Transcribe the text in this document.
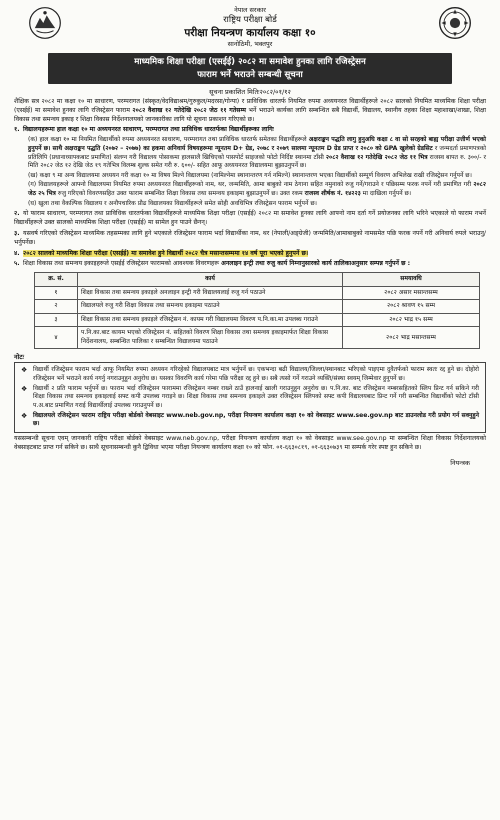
नेपाल सरकार
राष्ट्रिय परीक्षा बोर्ड
परीक्षा नियन्त्रण कार्यालय कक्षा १०
सानोठिमी, भक्तपुर
माध्यमिक शिक्षा परीक्षा (एसईई) २०८२ मा समावेश हुनका लागि रजिस्ट्रेसन
फाराम भर्ने भराउने सम्बन्धी सूचना
सूचना प्रकाशित मितिः२०८२/०१/१२

शैक्षिक सत्र २०८२ मा कक्षा १० मा साधारण, परम्परागत (संस्कृत/वेदविद्याश्रम/गुरुकुल/मदरसा/गोन्पा) र प्राविधिक धारतर्फ नियमित रुपमा अध्ययनरत विद्यार्थीहरूले २०८२ सालको नियमित माध्यमिक शिक्षा परीक्षा (एसईई) मा समावेश हुनका लागि रजिस्ट्रेसन फाराम २०८२ वैशाख १२ गतेदेखि २०८२ जेठ ११ गतेसम्म भर्ने भराउने कार्यका लागि सम्बन्धित सबै विद्यार्थी, विद्यालय, स्थानीय तहका शिक्षा महाशाखा/शाखा, शिक्षा विकास तथा समन्वय इकाइ र शिक्षा विकास निर्देशनालयको जानकारीका लागि यो सूचना प्रकाशन गरिएको छ।

१. विद्यालयहरूमा हाल कक्षा १० मा अध्ययनरत साधारण, परम्परागत तथा प्राविधिक धारतर्फका विद्यार्थीहरूका लागिः

(क) हाल कक्षा १० मा नियमित विद्यार्थीको रुपमा अध्ययनरत साधारण, परम्परागत तथा प्राविधिक धारतर्फ समेतका विद्यार्थीहरूले अक्षराङ्कन पद्धति लागु हुनुअघि कक्षा ८ वा सो सरहको बाह्य परीक्षा उत्तीर्ण भएको हुनुपर्ने छ। साथै अक्षराङ्कन पद्धति (२०७२ – २०७७) का हकमा अनिवार्य विषयहरूमा न्यूनतम D+ ग्रेड, २०७८ र २०७९ सालमा न्यूनतम D ग्रेड प्राप्त र २०८० को GPA खुलेको ग्रेडसिट र जन्मदर्ता प्रमाणपत्रको प्रतिलिपि (प्रधानाध्यापकबाट प्रमाणित) संलग्न गरी विद्यालय पोसाकमा हालसालै खिचिएको पासपोर्ट साइजको फोटो निर्दिष्ट स्थानमा टाँसी २०८२ वैशाख १२ गतेदेखि २०८२ जेठ ११ भित्र राजस्व बापत रु. ३००/- र मिति २०८२ जेठ १२ देखि जेठ १९ गतेभित्र विलम्ब शुल्क समेत गरी रु. ६००/- सहित आफू अध्ययनरत विद्यालयमा बुझाउनुपर्ने छ।

(ख) कक्षा ९ मा अन्य विद्यालयमा अध्ययन गरी कक्षा १० मा विषय मिल्ने विद्यालयमा (नामिल्नेमा स्थानान्तरण गर्न नमिल्ने) स्थानान्तरण भएका विद्यार्थीको सम्पूर्ण विवरण अभिलेख राखी रजिस्ट्रेसन गर्नुपर्ने छ।

(ग) विद्यालयहरूले आफ्नो विद्यालयमा नियमित रुपमा अध्ययनरत विद्यार्थीहरूको नाम, थर, जन्ममिति, आमा बाबुको नाम ठेगाना सहित नमुनाको रुजु गर्ने/गराउने र पछिसम्म फरक नपर्ने गरी प्रमाणित गरी २०८२ जेठ २५ भित्र रुजु गरिएको विवरणसहित उक्त फाराम सम्बन्धित शिक्षा विकास तथा समन्वय इकाइमा बुझाउनुपर्ने छ। उक्त रकम राजस्व शीर्षक नं. १४२२३ मा दाखिला गर्नुपर्ने छ।

(घ) खुला तथा वैकल्पिक विद्यालय र अनौपचारिक प्रौढ विद्यालयका विद्यार्थीहरूले समेत सोही अवधिभित्र रजिस्ट्रेसन फाराम भर्नुपर्ने छ।

२. यो फाराम साधारण, परम्परागत तथा प्राविधिक धारतर्फका विद्यार्थीहरूले माध्यमिक शिक्षा परीक्षा (एसईई) २०८२ मा समावेश हुनका लागि आफ्नो नाम दर्ता गर्ने प्रयोजनका लागि भरिने भएकाले यो फाराम नभर्ने विद्यार्थीहरूले उक्त सालको माध्यमिक शिक्षा परीक्षा (एसईई) मा सामेल हुन पाउने छैनन्।

३. यसवर्ष गरिएको रजिस्ट्रेसन माध्यमिक तहसम्मका लागि हुने भएकाले रजिस्ट्रेसन फाराम भर्दा विद्यार्थीका नाम, थर (नेपाली/अङ्ग्रेजी) जन्ममिति/आमाबाबुको नामसमेत पछि फरक नपर्ने गरी अनिवार्य रुपले भराउनु/भर्नुपर्नेछ।

४. २०८२ सालको माध्यमिक शिक्षा परीक्षा (एसईई) मा समावेश हुने विद्यार्थी २०८२ चैत्र मसान्तसम्ममा १४ वर्ष पूरा भएको हुनुपर्ने छ।

५. शिक्षा विकास तथा समन्वय इकाइहरूले एसईई रजिस्ट्रेसन फारामको आवश्यक विवरणहरू अनलाइन इन्ट्री तथा रुजु कार्य निम्नानुसारको कार्य तालिकाअनुसार सम्पन्न गर्नुपर्ने छ :

क्र. सं.	कार्य	समयावधि
१	शिक्षा विकास तथा समन्वय इकाइले अनलाइन इन्ट्री गरी विद्यालयलाई रुजु गर्न पठाउने	२०८२ असार मसान्तसम्म
२	विद्यालयले रुजु गरी शिक्षा विकास तथा समन्वय इकाइमा पठाउने	२०८२ श्रावण १५ सम्म
३	शिक्षा विकास तथा समन्वय इकाइले रजिस्ट्रेसन नं. कायम गरी विद्यालयमा विवरण प.नि.का.मा उपलब्ध गराउने	२०८२ भाद्र १५ सम्म
४	प.नि.का.बाट कायम भएको रजिस्ट्रेसन नं. सहितको विवरण शिक्षा विकास तथा समन्वय इकाइमार्फत शिक्षा विकास निर्देशनालय, सम्बन्धित पालिका र सम्बन्धित विद्यालयमा पठाउने	२०८२ भाद्र मसान्तसम्म
नोटः
❖ विद्यार्थी रजिस्ट्रेसन फाराम भर्दा आफू नियमित रुपमा अध्ययन गरिरहेको विद्यालयबाट मात्र भर्नुपर्ने छ। एकभन्दा बढी विद्यालय/जिल्ला/स्थानबाट भरिएको पाइएमा दुवैतर्फको फाराम स्वतः रद्द हुने छ। दोहोरो रजिस्ट्रेसन भर्ने भराउने कार्य नगर्नु नगराउनुहुन अनुरोध छ। यसका विवरणि कार्य गरेमा पछि परीक्षा रद्द हुने छ। सबै त्यसो गर्ने गराउने व्यक्ति/संस्था स्वयम् जिम्मेवार हुनुपर्ने छ।
❖ विद्यार्थी २ प्रति फाराम भर्नुपर्ने छ। फाराम भर्दा रजिस्ट्रेसन फाराममा रजिस्ट्रेसन नम्बर राख्ने ठाउँ हालनाई खाली गराउनुहुन अनुरोध छ। प.नि.का. बाट रजिस्ट्रेसन नम्बरसहितको स्लिप प्रिन्ट गर्न सकिने गरी शिक्षा विकास तथा समन्वय इकाइलाई सफ्ट कपी उपलब्ध गराइने छ। शिक्षा विकास तथा समन्वय इकाइले उक्त रजिस्ट्रेसन स्लिपको सफ्ट कपी विद्यालयबाट प्रिन्ट गर्ने गरी सम्बन्धित विद्यार्थीको फोटो टाँसी प.अ.बाट प्रमाणित गराई विद्यार्थीलाई उपलब्ध गराउनुपर्ने छ।
❖ विद्यालयले रजिस्ट्रेसन फाराम राष्ट्रिय परीक्षा बोर्डको वेबसाइट www.neb.gov.np, परीक्षा नियन्त्रण कार्यालय कक्षा १० को वेबसाइट www.see.gov.np बाट डाउनलोड गरी प्रयोग गर्न सक्नुहुने छ।

यससम्बन्धी सूचना एवम् जानकारी राष्ट्रिय परीक्षा बोर्डको वेबसाइट www.neb.gov.np, परीक्षा नियन्त्रण कार्यालय कक्षा १० को वेबसाइट www.see.gov.np मा सम्बन्धित शिक्षा विकास निर्देशनालयको वेबसाइटबाट प्राप्त गर्न सकिने छ। साथै सूचनासम्बन्धी कुनै द्विविधा भएमा परीक्षा नियन्त्रण कार्यालय कक्षा १० को फोन. ०१-६६३०८१९, ०१-६६३०७३९ मा सम्पर्क गरेर स्पष्ट हुन सकिने छ।

नियन्त्रक
